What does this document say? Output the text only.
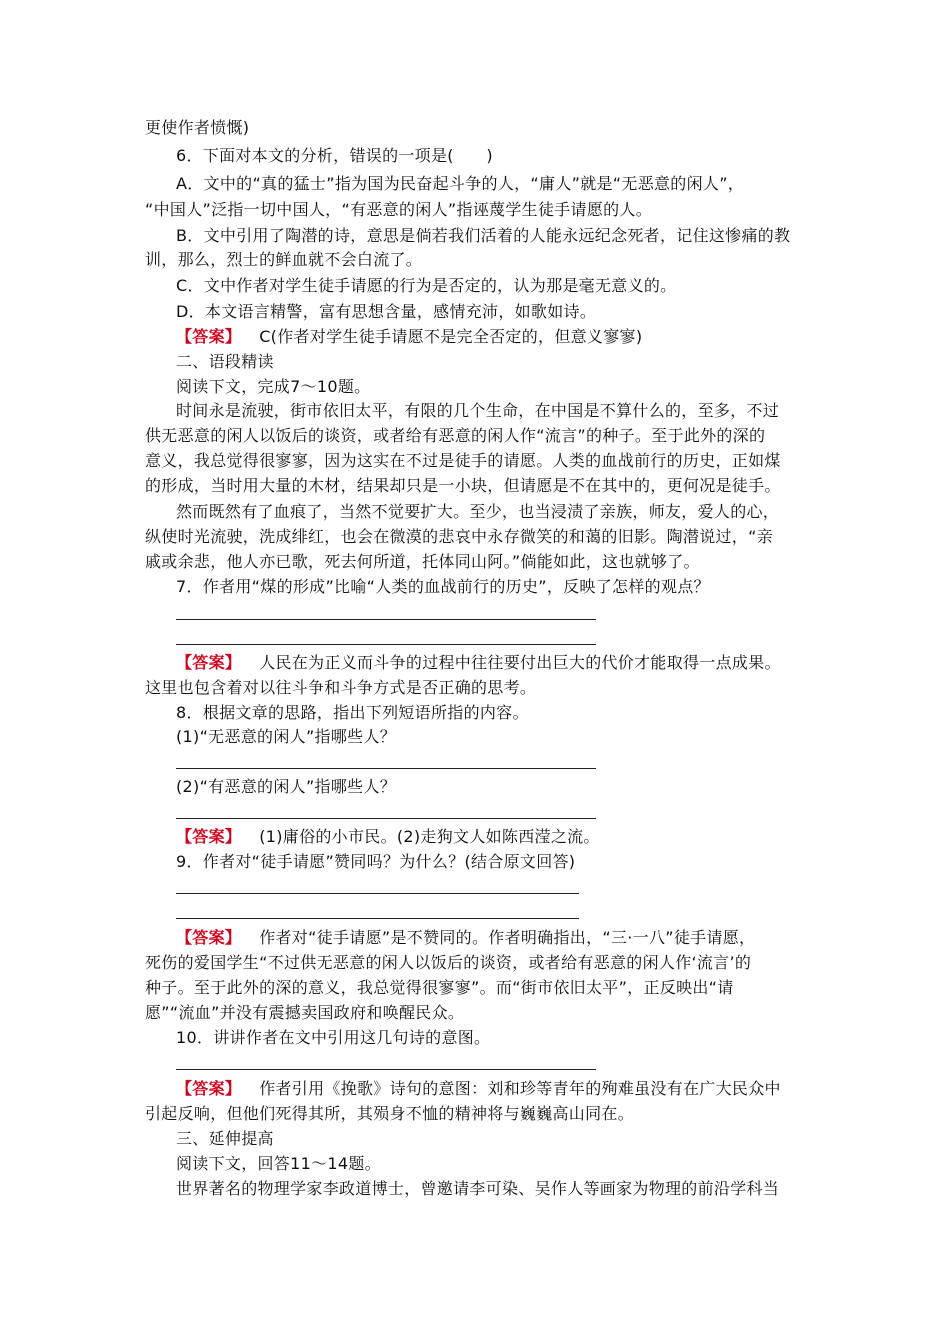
更使作者愤慨)

6．下面对本文的分析，错误的一项是(　　)

A．文中的“真的猛士”指为国为民奋起斗争的人，“庸人”就是“无恶意的闲人”，

“中国人”泛指一切中国人，“有恶意的闲人”指诬蔑学生徒手请愿的人。

B．文中引用了陶潜的诗，意思是倘若我们活着的人能永远纪念死者，记住这惨痛的教

训，那么，烈士的鲜血就不会白流了。

C．文中作者对学生徒手请愿的行为是否定的，认为那是毫无意义的。

D．本文语言精警，富有思想含量，感情充沛，如歌如诗。

【答案】 C(作者对学生徒手请愿不是完全否定的，但意义寥寥)

二、语段精读

阅读下文，完成7～10题。

时间永是流驶，街市依旧太平，有限的几个生命，在中国是不算什么的，至多，不过

供无恶意的闲人以饭后的谈资，或者给有恶意的闲人作“流言”的种子。至于此外的深的

意义，我总觉得很寥寥，因为这实在不过是徒手的请愿。人类的血战前行的历史，正如煤

的形成，当时用大量的木材，结果却只是一小块，但请愿是不在其中的，更何况是徒手。

然而既然有了血痕了，当然不觉要扩大。至少，也当浸渍了亲族，师友，爱人的心，

纵使时光流驶，洗成绯红，也会在微漠的悲哀中永存微笑的和蔼的旧影。陶潜说过，“亲

戚或余悲，他人亦已歌，死去何所道，托体同山阿。”倘能如此，这也就够了。

7．作者用“煤的形成”比喻“人类的血战前行的历史”，反映了怎样的观点？

【答案】 人民在为正义而斗争的过程中往往要付出巨大的代价才能取得一点成果。

这里也包含着对以往斗争和斗争方式是否正确的思考。

8．根据文章的思路，指出下列短语所指的内容。

(1)“无恶意的闲人”指哪些人？

(2)“有恶意的闲人”指哪些人？

【答案】 (1)庸俗的小市民。(2)走狗文人如陈西滢之流。

9．作者对“徒手请愿”赞同吗？为什么？(结合原文回答)

【答案】 作者对“徒手请愿”是不赞同的。作者明确指出，“三·一八”徒手请愿，

死伤的爱国学生“不过供无恶意的闲人以饭后的谈资，或者给有恶意的闲人作‘流言’的

种子。至于此外的深的意义，我总觉得很寥寥”。而“街市依旧太平”，正反映出“请

愿”“流血”并没有震撼卖国政府和唤醒民众。

10．讲讲作者在文中引用这几句诗的意图。

【答案】 作者引用《挽歌》诗句的意图：刘和珍等青年的殉难虽没有在广大民众中

引起反响，但他们死得其所，其殒身不恤的精神将与巍巍高山同在。

三、延伸提高

阅读下文，回答11～14题。

世界著名的物理学家李政道博士，曾邀请李可染、吴作人等画家为物理的前沿学科当
